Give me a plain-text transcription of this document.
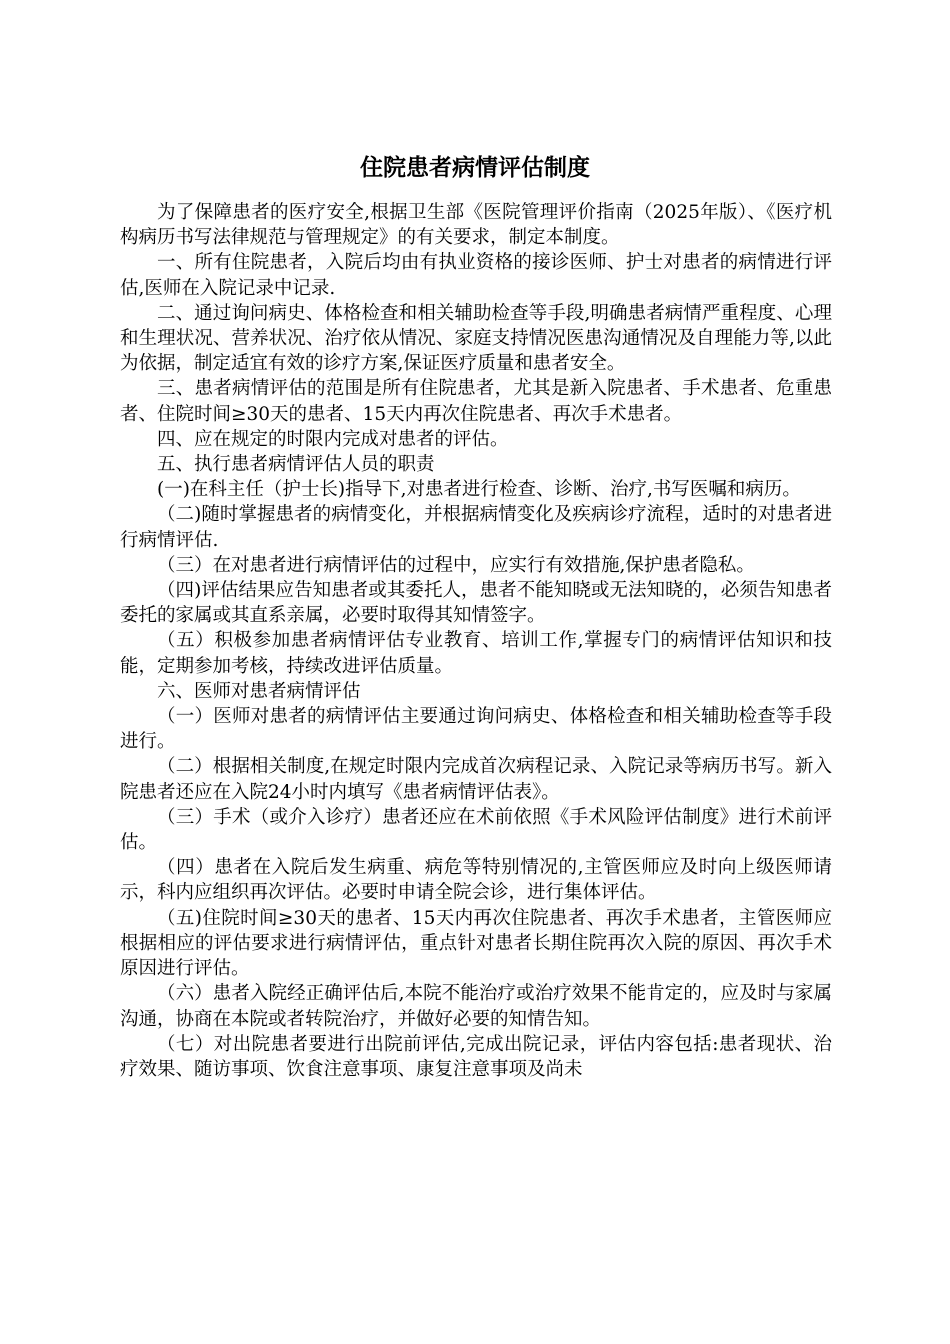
住院患者病情评估制度

为了保障患者的医疗安全,根据卫生部《医院管理评价指南（2025年版）、《医疗机构病历书写法律规范与管理规定》的有关要求，制定本制度。

一、所有住院患者，入院后均由有执业资格的接诊医师、护士对患者的病情进行评估,医师在入院记录中记录.

二、通过询问病史、体格检查和相关辅助检查等手段,明确患者病情严重程度、心理和生理状况、营养状况、治疗依从情况、家庭支持情况医患沟通情况及自理能力等,以此为依据，制定适宜有效的诊疗方案,保证医疗质量和患者安全。

三、患者病情评估的范围是所有住院患者，尤其是新入院患者、手术患者、危重患者、住院时间≥30天的患者、15天内再次住院患者、再次手术患者。

四、应在规定的时限内完成对患者的评估。

五、执行患者病情评估人员的职责

(一)在科主任（护士长)指导下,对患者进行检查、诊断、治疗,书写医嘱和病历。

（二)随时掌握患者的病情变化，并根据病情变化及疾病诊疗流程，适时的对患者进行病情评估.

（三）在对患者进行病情评估的过程中，应实行有效措施,保护患者隐私。

（四)评估结果应告知患者或其委托人，患者不能知晓或无法知晓的，必须告知患者委托的家属或其直系亲属，必要时取得其知情签字。

（五）积极参加患者病情评估专业教育、培训工作,掌握专门的病情评估知识和技能，定期参加考核，持续改进评估质量。

六、医师对患者病情评估

（一）医师对患者的病情评估主要通过询问病史、体格检查和相关辅助检查等手段进行。

（二）根据相关制度,在规定时限内完成首次病程记录、入院记录等病历书写。新入院患者还应在入院24小时内填写《患者病情评估表》。

（三）手术（或介入诊疗）患者还应在术前依照《手术风险评估制度》进行术前评估。

（四）患者在入院后发生病重、病危等特别情况的,主管医师应及时向上级医师请示，科内应组织再次评估。必要时申请全院会诊，进行集体评估。

（五)住院时间≥30天的患者、15天内再次住院患者、再次手术患者，主管医师应根据相应的评估要求进行病情评估，重点针对患者长期住院再次入院的原因、再次手术原因进行评估。

（六）患者入院经正确评估后,本院不能治疗或治疗效果不能肯定的，应及时与家属沟通，协商在本院或者转院治疗，并做好必要的知情告知。

（七）对出院患者要进行出院前评估,完成出院记录，评估内容包括:患者现状、治疗效果、随访事项、饮食注意事项、康复注意事项及尚未
